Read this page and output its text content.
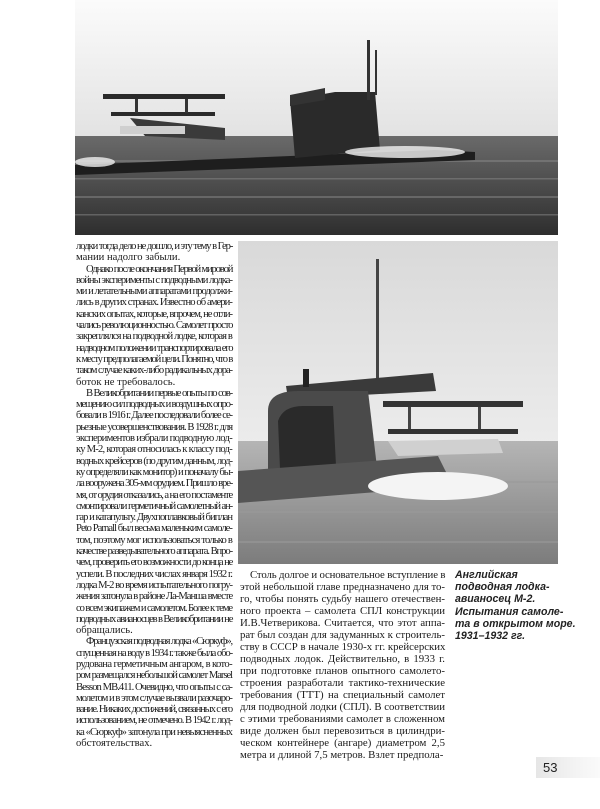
лодки тогда дело не дошло, и эту тему в Гер-
мании надолго забыли.
Однако после окончания Первой мировой
войны эксперименты с подводными лодка-
ми и летательными аппаратами продолжи-
лись в других странах. Известно об амери-
канских опытах, которые, впрочем, не отли-
чались революционностью. Самолет просто
закреплялся на подводной лодке, которая в
надводном положении транспортировала его
к месту предполагаемой цели. Понятно, что в
таком случае каких-либо радикальных дора-
боток не требовалось.
В Великобритании первые опыты по сов-
мещению сил подводных и воздушных опро-
бовали в 1916 г. Далее последовали более се-
рьезные усовершенствования. В 1928 г. для
экспериментов избрали подводную лод-
ку М-2, которая относилась к классу под-
водных крейсеров (по другим данным, лод-
ку определяли как монитор) и поначалу бы-
ла вооружена 305-мм орудием. Пришло вре-
мя, от орудия отказались, а на его постаменте
смонтировали герметичный самолетный ан-
гар и катапульту. Двухпоплавковый биплан
Peto Parnall был весьма маленьким самоле-
том, поэтому мог использоваться только в
качестве разведывательного аппарата. Впро-
чем, проверить его возможности до конца не
успели. В последних числах января 1932 г.
лодка М-2 во время испытательного погру-
жения затонула в районе Ла-Манша вместе
со всем экипажем и самолетом. Более к теме
подводных авианосцев в Великобритании не
обращались.
Французская подводная лодка «Сюркуф»,
спущенная на воду в 1934 г. также была обо-
рудована герметичным ангаром, в кото-
ром размещался небольшой самолет Marsel
Besson MB.411. Очевидно, что опыты с са-
молетом и в этом случае вызвали разочаро-
вание. Никаких достижений, связанных с его
использованием, не отмечено. В 1942 г. лод-
ка «Сюркуф» затонула при невыясненных
обстоятельствах.
Столь долгое и основательное вступление в
этой небольшой главе предназначено для то-
го, чтобы понять судьбу нашего отечествен-
ного проекта – самолета СПЛ конструкции
И.В.Четверикова. Считается, что этот аппа-
рат был создан для задуманных к строитель-
ству в СССР в начале 1930-х гг. крейсерских
подводных лодок. Действительно, в 1933 г.
при подготовке планов опытного самолето-
строения разработали тактико-технические
требования (ТТТ) на специальный самолет
для подводной лодки (СПЛ). В соответствии
с этими требованиями самолет в сложенном
виде должен был перевозиться в цилиндри-
ческом контейнере (ангаре) диаметром 2,5
метра и длиной 7,5 метров. Взлет предпола-
Английская
подводная лодка-
авианосец М-2.
Испытания самоле-
та в открытом море.
1931–1932 гг.
53
